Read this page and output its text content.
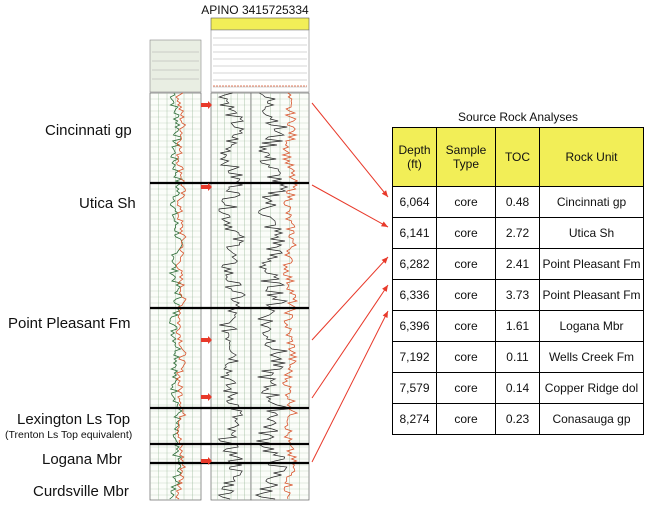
APINO 3415725334
Cincinnati gp
Utica Sh
Point Pleasant Fm
Lexington Ls Top
(Trenton Ls Top equivalent)
Logana Mbr
Curdsville Mbr
Source Rock Analyses
Depth (ft)	Sample Type	TOC	Rock Unit
6,064	core	0.48	Cincinnati gp
6,141	core	2.72	Utica Sh
6,282	core	2.41	Point Pleasant Fm
6,336	core	3.73	Point Pleasant Fm
6,396	core	1.61	Logana Mbr
7,192	core	0.11	Wells Creek Fm
7,579	core	0.14	Copper Ridge dol
8,274	core	0.23	Conasauga gp
